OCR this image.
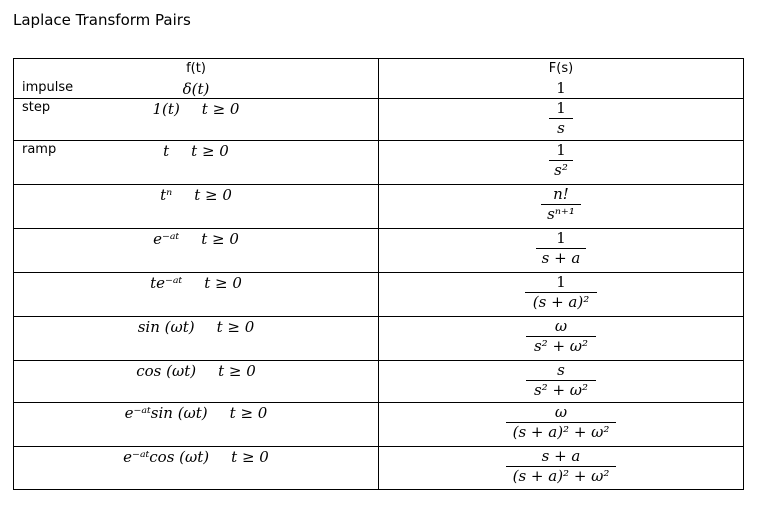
Laplace Transform Pairs
f(t)	F(s)

impulse δ(t)	1

step 1(t) t ≥ 0	1
s

ramp t t ≥ 0	1
s²

tⁿ t ≥ 0	n!
sⁿ⁺¹

e⁻ᵃᵗ t ≥ 0	1
s + a

te⁻ᵃᵗ t ≥ 0	1
(s + a)²

sin (ωt) t ≥ 0	ω
s² + ω²

cos (ωt) t ≥ 0	s
s² + ω²

e⁻ᵃᵗsin (ωt) t ≥ 0	ω
(s + a)² + ω²

e⁻ᵃᵗcos (ωt) t ≥ 0	s + a
(s + a)² + ω²
